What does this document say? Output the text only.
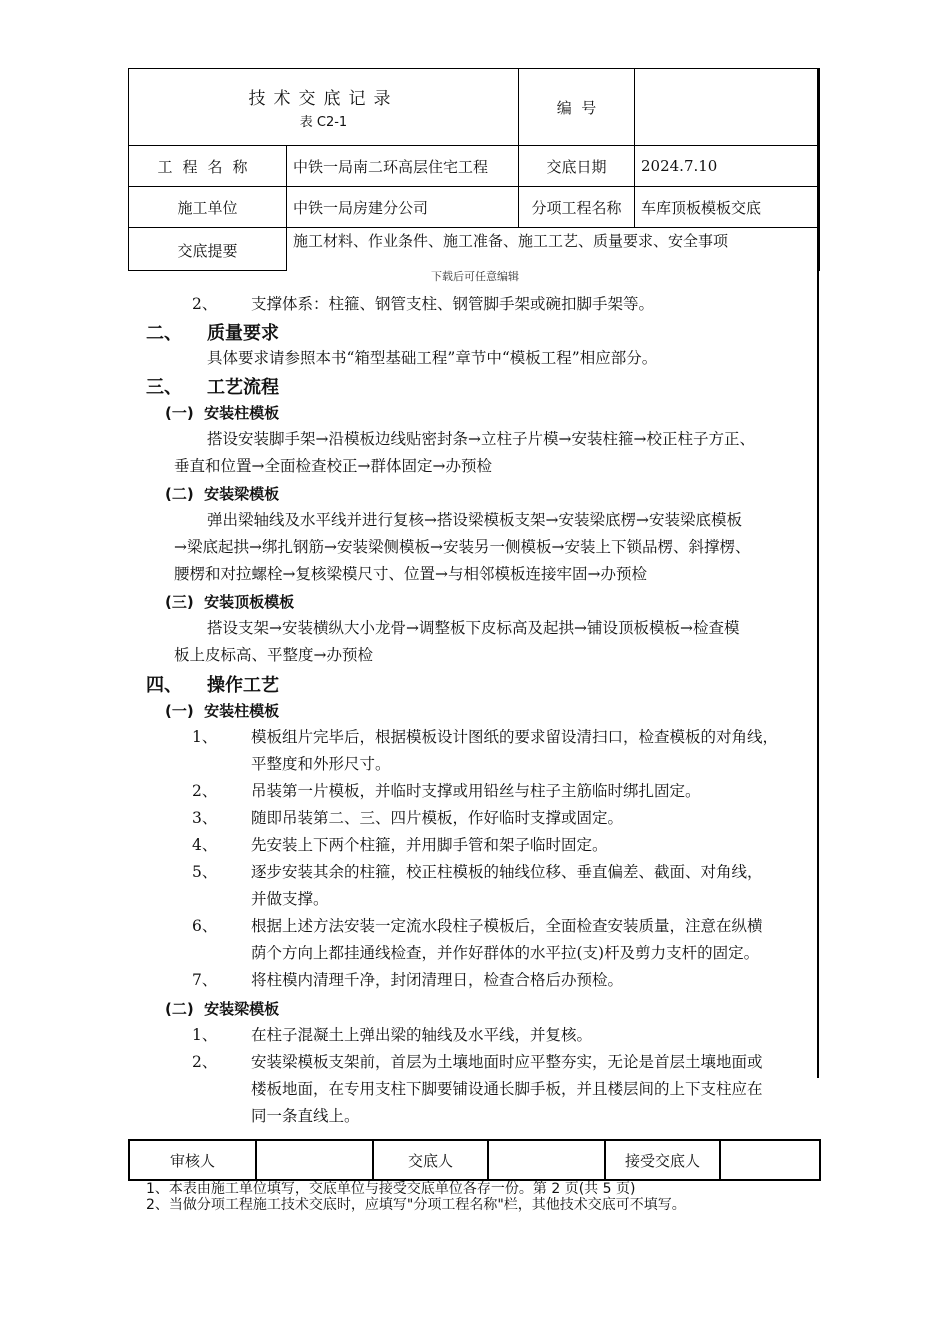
技术交底记录
表 C2-1		编  号	
工程名称	中铁一局南二环高层住宅工程	交底日期	2024.7.10
施工单位	中铁一局房建分公司	分项工程名称	车库顶板模板交底
交底提要	施工材料、作业条件、施工准备、施工工艺、质量要求、安全事项		
下载后可任意编辑
2、 支撑体系：柱箍、钢管支柱、钢管脚手架或碗扣脚手架等。
二、 质量要求
具体要求请参照本书“箱型基础工程”章节中“模板工程”相应部分。
三、 工艺流程
(一)  安装柱模板
搭设安装脚手架→沿模板边线贴密封条→立柱子片模→安装柱箍→校正柱子方正、
垂直和位置→全面检查校正→群体固定→办预检
(二)  安装梁模板
弹出梁轴线及水平线并进行复核→搭设梁模板支架→安装梁底楞→安装梁底模板
→梁底起拱→绑扎钢筋→安装梁侧模板→安装另一侧模板→安装上下锁品楞、斜撑楞、
腰楞和对拉螺栓→复核梁模尺寸、位置→与相邻模板连接牢固→办预检
(三)  安装顶板模板
搭设支架→安装横纵大小龙骨→调整板下皮标高及起拱→铺设顶板模板→检查模
板上皮标高、平整度→办预检
四、 操作工艺
(一)  安装柱模板
1、 模板组片完毕后，根据模板设计图纸的要求留设清扫口，检查模板的对角线，
平整度和外形尺寸。
2、 吊装第一片模板，并临时支撑或用铅丝与柱子主筋临时绑扎固定。
3、 随即吊装第二、三、四片模板，作好临时支撑或固定。
4、 先安装上下两个柱箍，并用脚手管和架子临时固定。
5、 逐步安装其余的柱箍，校正柱模板的轴线位移、垂直偏差、截面、对角线，
并做支撑。
6、 根据上述方法安装一定流水段柱子模板后，全面检查安装质量，注意在纵横
荫个方向上都挂通线检查，并作好群体的水平拉(支)杆及剪力支杆的固定。
7、 将柱模内清理千净，封闭清理日，检查合格后办预检。
(二)  安装梁模板
1、 在柱子混凝土上弹出梁的轴线及水平线，并复核。
2、 安装梁模板支架前，首层为土壤地面时应平整夯实，无论是首层土壤地面或
楼板地面，在专用支柱下脚要铺设通长脚手板，并且楼层间的上下支柱应在
同一条直线上。
审核人		交底人		接受交底人	
1、本表由施工单位填写，交底单位与接受交底单位各存一份。第 2 页(共 5 页)
2、当做分项工程施工技术交底时，应填写"分项工程名称"栏，其他技术交底可不填写。
